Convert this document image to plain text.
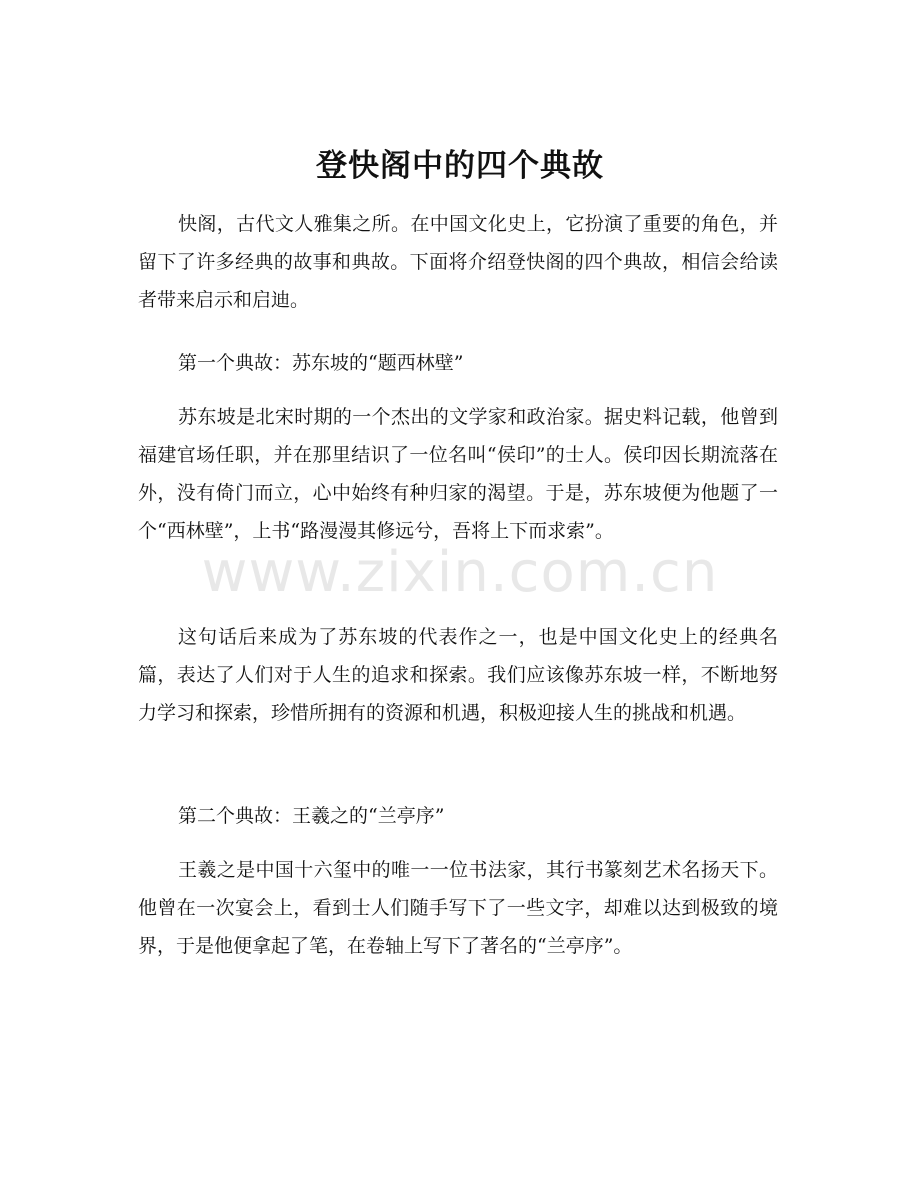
登快阁中的四个典故

快阁，古代文人雅集之所。在中国文化史上，它扮演了重要的角色，并留下了许多经典的故事和典故。下面将介绍登快阁的四个典故，相信会给读者带来启示和启迪。

第一个典故：苏东坡的“题西林壁”

苏东坡是北宋时期的一个杰出的文学家和政治家。据史料记载，他曾到福建官场任职，并在那里结识了一位名叫“侯印”的士人。侯印因长期流落在外，没有倚门而立，心中始终有种归家的渴望。于是，苏东坡便为他题了一个“西林壁”，上书“路漫漫其修远兮，吾将上下而求索”。

这句话后来成为了苏东坡的代表作之一，也是中国文化史上的经典名篇，表达了人们对于人生的追求和探索。我们应该像苏东坡一样，不断地努力学习和探索，珍惜所拥有的资源和机遇，积极迎接人生的挑战和机遇。

第二个典故：王羲之的“兰亭序”

王羲之是中国十六玺中的唯一一位书法家，其行书篆刻艺术名扬天下。他曾在一次宴会上，看到士人们随手写下了一些文字，却难以达到极致的境界，于是他便拿起了笔，在卷轴上写下了著名的“兰亭序”。

www.zixin.com.cn
